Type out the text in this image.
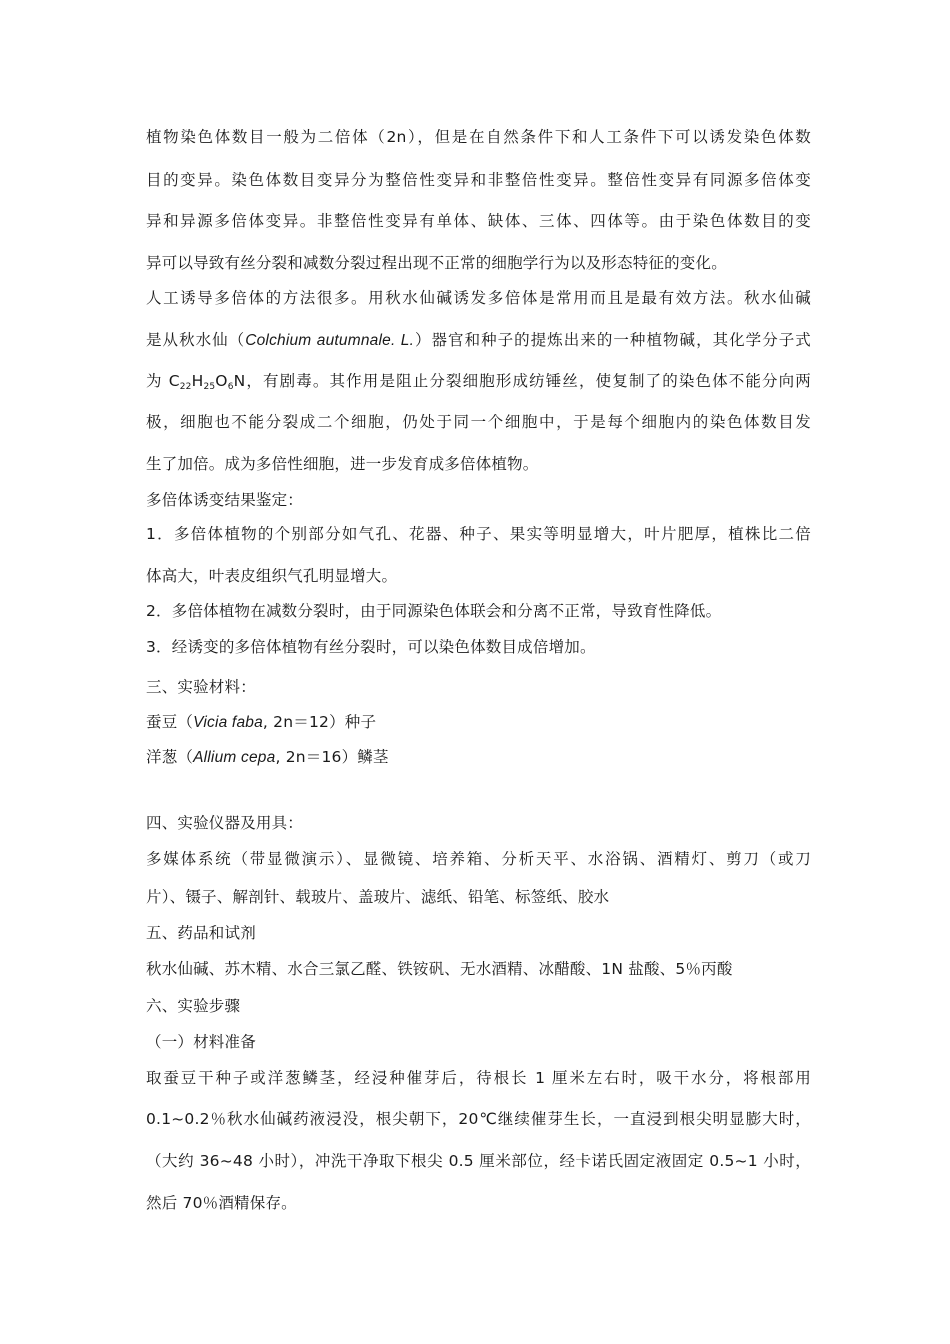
植物染色体数目一般为二倍体（2n），但是在自然条件下和人工条件下可以诱发染色体数
目的变异。染色体数目变异分为整倍性变异和非整倍性变异。整倍性变异有同源多倍体变
异和异源多倍体变异。非整倍性变异有单体、缺体、三体、四体等。由于染色体数目的变
异可以导致有丝分裂和减数分裂过程出现不正常的细胞学行为以及形态特征的变化。
人工诱导多倍体的方法很多。用秋水仙碱诱发多倍体是常用而且是最有效方法。秋水仙碱
是从秋水仙（Colchium autumnale. L.）器官和种子的提炼出来的一种植物碱，其化学分子式
为 $C_{22}H_{25}O_6N$，有剧毒。其作用是阻止分裂细胞形成纺锤丝，使复制了的染色体不能分向两
极，细胞也不能分裂成二个细胞，仍处于同一个细胞中，于是每个细胞内的染色体数目发
生了加倍。成为多倍性细胞，进一步发育成多倍体植物。
多倍体诱变结果鉴定：
1．多倍体植物的个别部分如气孔、花器、种子、果实等明显增大，叶片肥厚，植株比二倍
体高大，叶表皮组织气孔明显增大。
2．多倍体植物在减数分裂时，由于同源染色体联会和分离不正常，导致育性降低。
3．经诱变的多倍体植物有丝分裂时，可以染色体数目成倍增加。
三、实验材料：
蚕豆（Vicia faba, 2n＝12）种子
洋葱（Allium cepa, 2n＝16）鳞茎
四、实验仪器及用具：
多媒体系统（带显微演示）、显微镜、培养箱、分析天平、水浴锅、酒精灯、剪刀（或刀
片）、镊子、解剖针、载玻片、盖玻片、滤纸、铅笔、标签纸、胶水
五、药品和试剂
秋水仙碱、苏木精、水合三氯乙醛、铁铵矾、无水酒精、冰醋酸、1N 盐酸、5％丙酸
六、实验步骤
（一）材料准备
取蚕豆干种子或洋葱鳞茎，经浸种催芽后，待根长 1 厘米左右时，吸干水分，将根部用
0.1~0.2％秋水仙碱药液浸没，根尖朝下，20℃继续催芽生长，一直浸到根尖明显膨大时，
（大约 36~48 小时），冲洗干净取下根尖 0.5 厘米部位，经卡诺氏固定液固定 0.5~1 小时，
然后 70％酒精保存。
